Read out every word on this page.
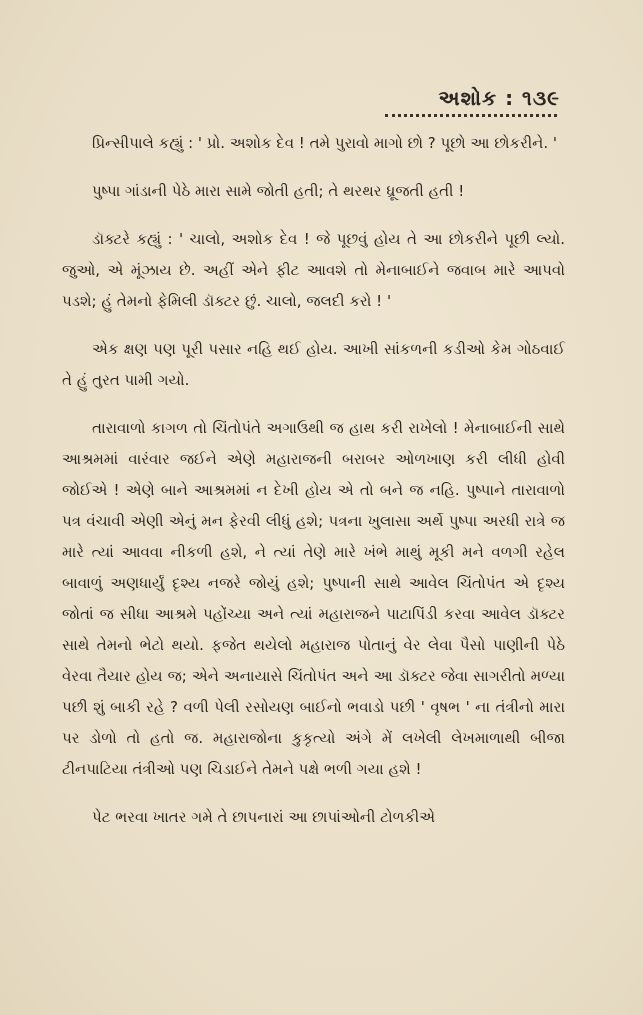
અશોક : ૧૩૯

પ્રિન્સીપાલે કહ્યું : ' પ્રો. અશોક દેવ ! તમે પુરાવો માગો છો ? પૂછો આ છોકરીને. '

પુષ્પા ગાંડાની પેઠે મારા સામે જોતી હતી; તે થરથર ધ્રૂજતી હતી !

ડૉક્ટરે કહ્યું : ' ચાલો, અશોક દેવ ! જે પૂછવું હોય તે આ છોકરીને પૂછી લ્યો. જુઓ, એ મૂંઝાય છે. અહીં એને ફીટ આવશે તો મેનાબાઈને જવાબ મારે આપવો પડશે; હું તેમનો ફેમિલી ડૉક્ટર છું. ચાલો, જલદી કરો ! '

એક ક્ષણ પણ પૂરી પસાર નહિ થઈ હોય. આખી સાંકળની કડીઓ કેમ ગોઠવાઈ તે હું તુરત પામી ગયો.

તારાવાળો કાગળ તો ચિંતોપંતે અગાઉથી જ હાથ કરી રાખેલો ! મેનાબાઈની સાથે આશ્રમમાં વારંવાર જઈને એણે મહારાજની બરાબર ઓળખાણ કરી લીધી હોવી જોઈએ ! એણે બાને આશ્રમમાં ન દેખી હોય એ તો બને જ નહિ. પુષ્પાને તારાવાળો પત્ર વંચાવી એણી એનું મન ફેરવી લીધું હશે; પત્રના ખુલાસા અર્થે પુષ્પા અરધી રાત્રે જ મારે ત્યાં આવવા નીકળી હશે, ને ત્યાં તેણે મારે ખંભે માથું મૂકી મને વળગી રહેલ બાવાળું અણધાર્યું દૃશ્ય નજરે જોયું હશે; પુષ્પાની સાથે આવેલ ચિંતોપંત એ દૃશ્ય જોતાં જ સીધા આશ્રમે પહોંચ્યા અને ત્યાં મહારાજને પાટાપિંડી કરવા આવેલ ડૉક્ટર સાથે તેમનો ભેટો થયો. ફજેત થયેલો મહારાજ પોતાનું વેર લેવા પૈસો પાણીની પેઠે વેરવા તૈયાર હોય જ; એને અનાયાસે ચિંતોપંત અને આ ડૉક્ટર જેવા સાગરીતો મળ્યા પછી શું બાકી રહે ? વળી પેલી રસોયણ બાઈનો ભવાડો પછી ' વૃષભ ' ના તંત્રીનો મારા પર ડોળો તો હતો જ. મહારાજોના કુકૃત્યો અંગે મેં લખેલી લેખમાળાથી બીજા ટીનપાટિયા તંત્રીઓ પણ ચિડાઈને તેમને પક્ષે ભળી ગયા હશે !

પેટ ભરવા ખાતર ગમે તે છાપનારાં આ છાપાંઓની ટોળકીએ
